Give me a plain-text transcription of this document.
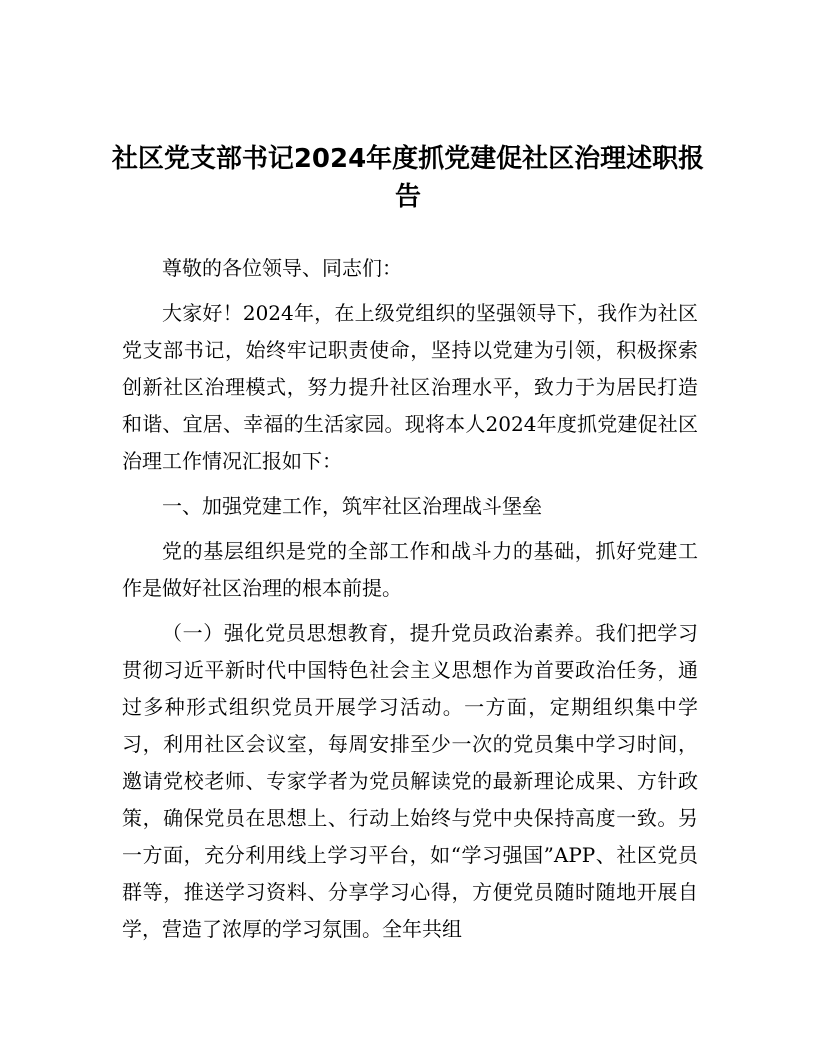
社区党支部书记2024年度抓党建促社区治理述职报告

尊敬的各位领导、同志们：

大家好！2024年，在上级党组织的坚强领导下，我作为社区党支部书记，始终牢记职责使命，坚持以党建为引领，积极探索创新社区治理模式，努力提升社区治理水平，致力于为居民打造和谐、宜居、幸福的生活家园。现将本人2024年度抓党建促社区治理工作情况汇报如下：

一、加强党建工作，筑牢社区治理战斗堡垒

党的基层组织是党的全部工作和战斗力的基础，抓好党建工作是做好社区治理的根本前提。

（一）强化党员思想教育，提升党员政治素养。我们把学习贯彻习近平新时代中国特色社会主义思想作为首要政治任务，通过多种形式组织党员开展学习活动。一方面，定期组织集中学习，利用社区会议室，每周安排至少一次的党员集中学习时间，邀请党校老师、专家学者为党员解读党的最新理论成果、方针政策，确保党员在思想上、行动上始终与党中央保持高度一致。另一方面，充分利用线上学习平台，如“学习强国”APP、社区党员群等，推送学习资料、分享学习心得，方便党员随时随地开展自学，营造了浓厚的学习氛围。全年共组
